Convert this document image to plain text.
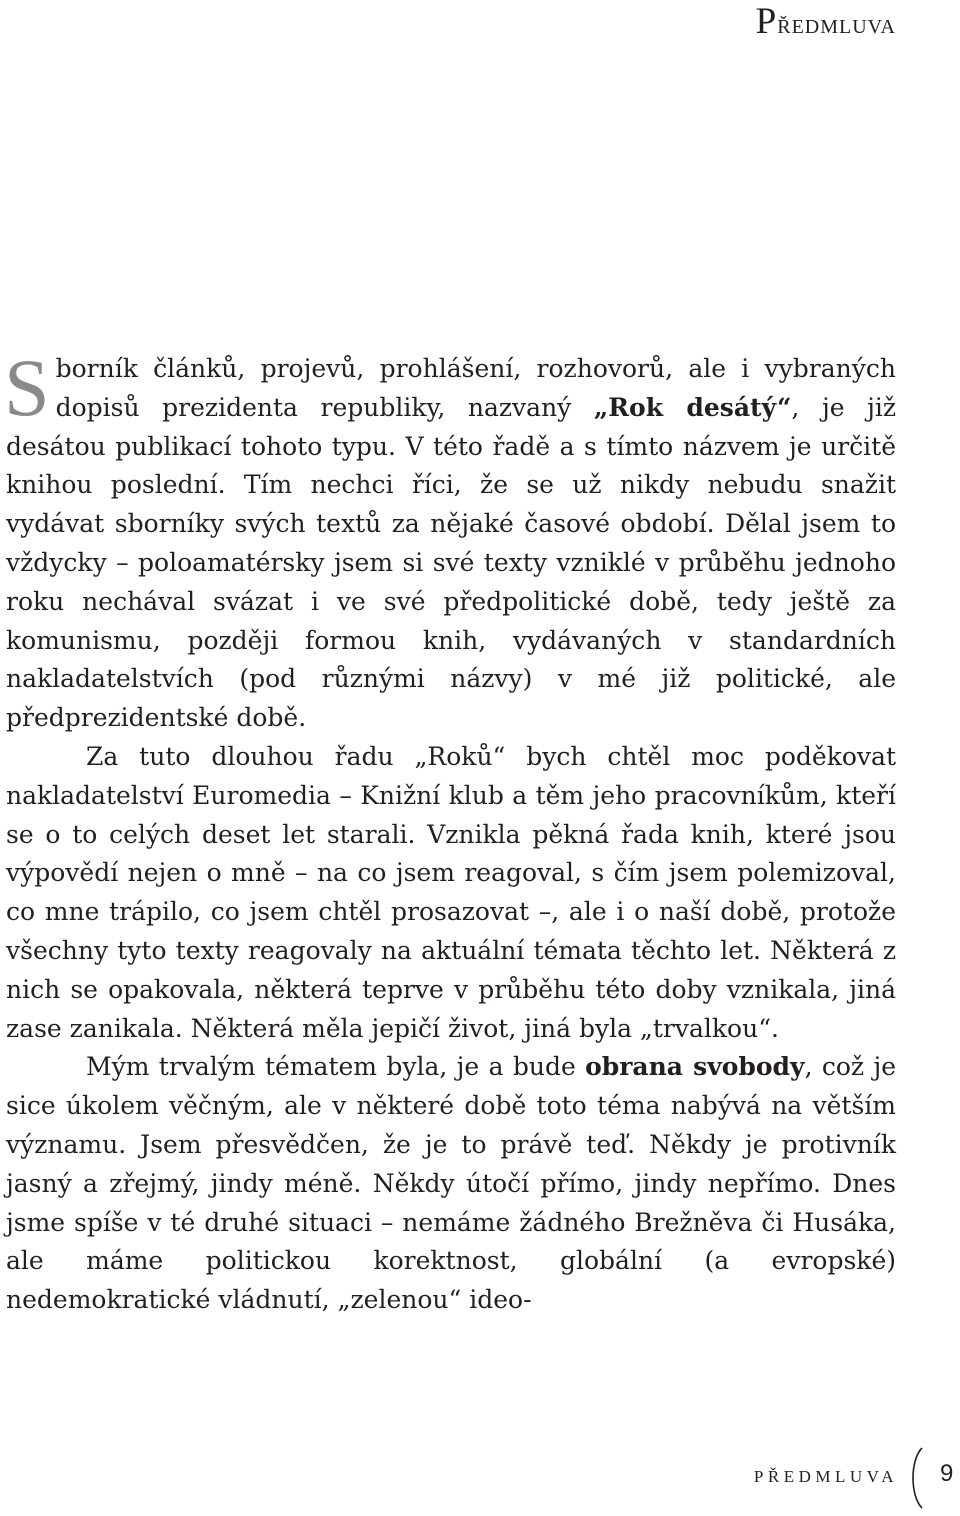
Předmluva

Sborník článků, projevů, prohlášení, rozhovorů, ale i vybraných dopisů prezidenta republiky, nazvaný „Rok desátý“, je již desátou publikací tohoto typu. V této řadě a s tímto názvem je určitě knihou poslední. Tím nechci říci, že se už nikdy nebudu snažit vydávat sborníky svých textů za nějaké časové období. Dělal jsem to vždycky – poloamatérsky jsem si své texty vzniklé v průběhu jednoho roku nechával svázat i ve své předpolitické době, tedy ještě za komunismu, později formou knih, vydávaných v standardních nakladatelstvích (pod různými názvy) v mé již politické, ale předprezidentské době.

Za tuto dlouhou řadu „Roků“ bych chtěl moc poděkovat nakladatelství Euromedia – Knižní klub a těm jeho pracovníkům, kteří se o to celých deset let starali. Vznikla pěkná řada knih, které jsou výpovědí nejen o mně – na co jsem reagoval, s čím jsem polemizoval, co mne trápilo, co jsem chtěl prosazovat –, ale i o naší době, protože všechny tyto texty reagovaly na aktuální témata těchto let. Některá z nich se opakovala, některá teprve v průběhu této doby vznikala, jiná zase zanikala. Některá měla jepičí život, jiná byla „trvalkou“.

Mým trvalým tématem byla, je a bude obrana svobody, což je sice úkolem věčným, ale v některé době toto téma nabývá na větším významu. Jsem přesvědčen, že je to právě teď. Někdy je protivník jasný a zřejmý, jindy méně. Někdy útočí přímo, jindy nepřímo. Dnes jsme spíše v té druhé situaci – nemáme žádného Brežněva či Husáka, ale máme politickou korektnost, globální (a evropské) nedemokratické vládnutí, „zelenou“ ideo-

PŘEDMLUVA 9
